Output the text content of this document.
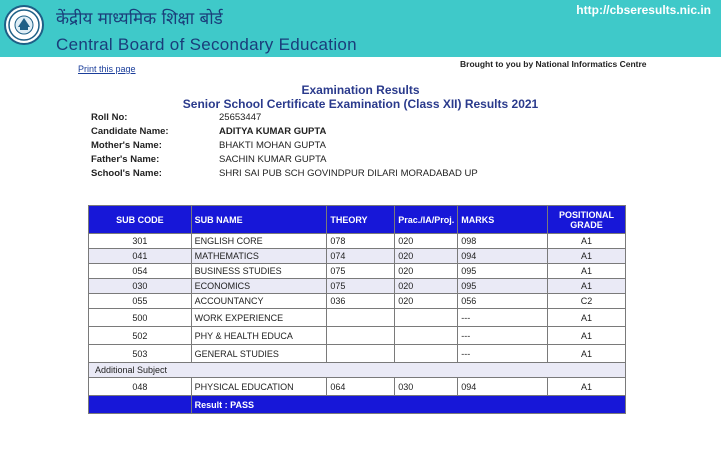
केंद्रीय माध्यमिक शिक्षा बोर्ड
Central Board of Secondary Education
http://cbseresults.nic.in
Print this page	Brought to you by National Informatics Centre
Examination Results
Senior School Certificate Examination (Class XII) Results 2021
Roll No:	25653447
Candidate Name:	ADITYA KUMAR GUPTA
Mother's Name:	BHAKTI MOHAN GUPTA
Father's Name:	SACHIN KUMAR GUPTA
School's Name:	SHRI SAI PUB SCH GOVINDPUR DILARI MORADABAD UP
SUB CODE	SUB NAME	THEORY	Prac./IA/Proj.	MARKS	POSITIONAL
GRADE
301	ENGLISH CORE	078	020	098	A1
041	MATHEMATICS	074	020	094	A1
054	BUSINESS STUDIES	075	020	095	A1
030	ECONOMICS	075	020	095	A1
055	ACCOUNTANCY	036	020	056	C2
500	WORK EXPERIENCE			---	A1
502	PHY & HEALTH EDUCA			---	A1
503	GENERAL STUDIES			---	A1
Additional Subject					
048	PHYSICAL EDUCATION	064	030	094	A1
	Result : PASS				
